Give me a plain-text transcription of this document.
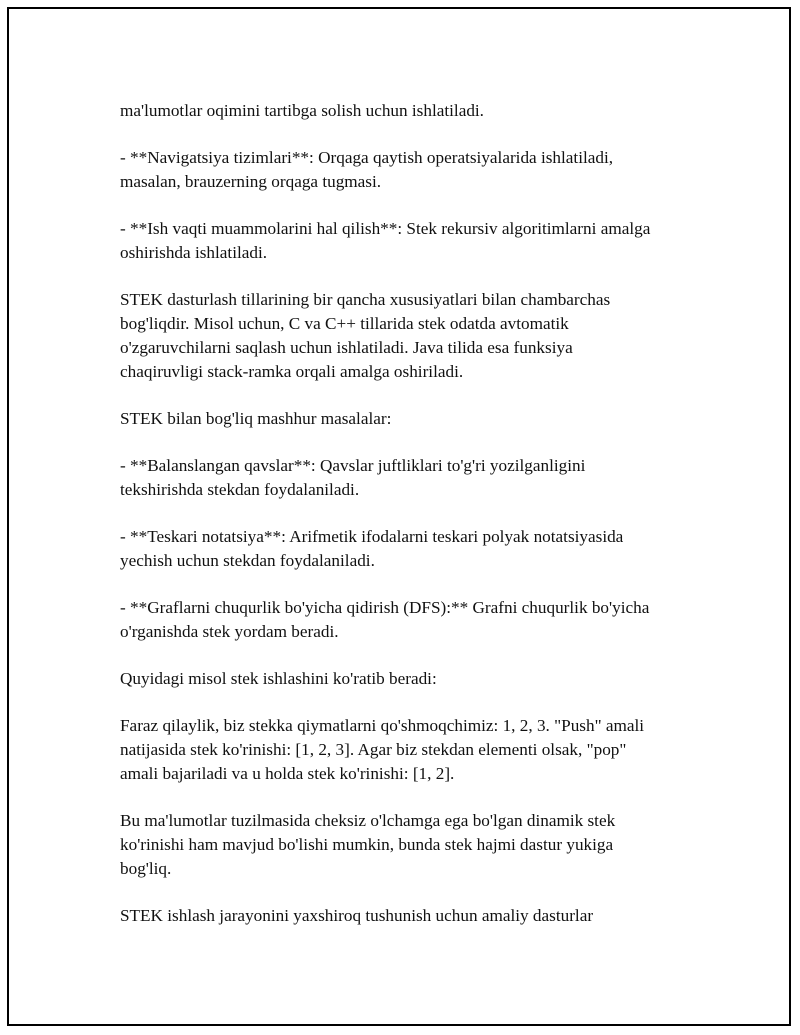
ma'lumotlar oqimini tartibga solish uchun ishlatiladi.

- **Navigatsiya tizimlari**: Orqaga qaytish operatsiyalarida ishlatiladi,
masalan, brauzerning orqaga tugmasi.

- **Ish vaqti muammolarini hal qilish**: Stek rekursiv algoritimlarni amalga
oshirishda ishlatiladi.

STEK dasturlash tillarining bir qancha xususiyatlari bilan chambarchas
bog'liqdir. Misol uchun, C va C++ tillarida stek odatda avtomatik
o'zgaruvchilarni saqlash uchun ishlatiladi. Java tilida esa funksiya
chaqiruvligi stack-ramka orqali amalga oshiriladi.

STEK bilan bog'liq mashhur masalalar:

- **Balanslangan qavslar**: Qavslar juftliklari to'g'ri yozilganligini
tekshirishda stekdan foydalaniladi.

- **Teskari notatsiya**: Arifmetik ifodalarni teskari polyak notatsiyasida
yechish uchun stekdan foydalaniladi.

- **Graflarni chuqurlik bo'yicha qidirish (DFS):** Grafni chuqurlik bo'yicha
o'rganishda stek yordam beradi.

Quyidagi misol stek ishlashini ko'ratib beradi:

Faraz qilaylik, biz stekka qiymatlarni qo'shmoqchimiz: 1, 2, 3. "Push" amali
natijasida stek ko'rinishi: [1, 2, 3]. Agar biz stekdan elementi olsak, "pop"
amali bajariladi va u holda stek ko'rinishi: [1, 2].

Bu ma'lumotlar tuzilmasida cheksiz o'lchamga ega bo'lgan dinamik stek
ko'rinishi ham mavjud bo'lishi mumkin, bunda stek hajmi dastur yukiga
bog'liq.

STEK ishlash jarayonini yaxshiroq tushunish uchun amaliy dasturlar
